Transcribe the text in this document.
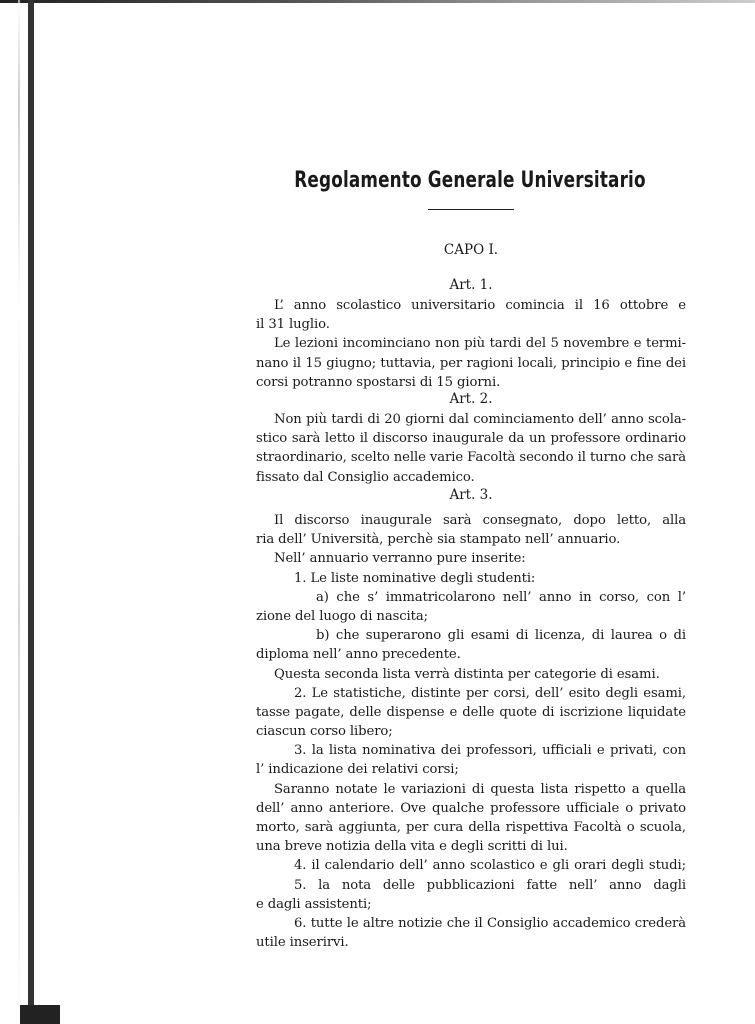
Regolamento Generale Universitario
CAPO I.
Art. 1.
L’ anno scolastico universitario comincia il 16 ottobre e
il 31 luglio.
Le lezioni incominciano non più tardi del 5 novembre e termi-
nano il 15 giugno; tuttavia, per ragioni locali, principio e fine dei
corsi potranno spostarsi di 15 giorni.
Art. 2.
Non più tardi di 20 giorni dal cominciamento dell’ anno scola-
stico sarà letto il discorso inaugurale da un professore ordinario
straordinario, scelto nelle varie Facoltà secondo il turno che sarà
fissato dal Consiglio accademico.
Art. 3.
Il discorso inaugurale sarà consegnato, dopo letto, alla
ria dell’ Università, perchè sia stampato nell’ annuario.
Nell’ annuario verranno pure inserite:
1. Le liste nominative degli studenti:
a) che s’ immatricolarono nell’ anno in corso, con l’
zione del luogo di nascita;
b) che superarono gli esami di licenza, di laurea o di
diploma nell’ anno precedente.
Questa seconda lista verrà distinta per categorie di esami.
2. Le statistiche, distinte per corsi, dell’ esito degli esami,
tasse pagate, delle dispense e delle quote di iscrizione liquidate
ciascun corso libero;
3. la lista nominativa dei professori, ufficiali e privati, con
l’ indicazione dei relativi corsi;
Saranno notate le variazioni di questa lista rispetto a quella
dell’ anno anteriore. Ove qualche professore ufficiale o privato
morto, sarà aggiunta, per cura della rispettiva Facoltà o scuola,
una breve notizia della vita e degli scritti di lui.
4. il calendario dell’ anno scolastico e gli orari degli studi;
5. la nota delle pubblicazioni fatte nell’ anno dagli
e dagli assistenti;
6. tutte le altre notizie che il Consiglio accademico crederà
utile inserirvi.
